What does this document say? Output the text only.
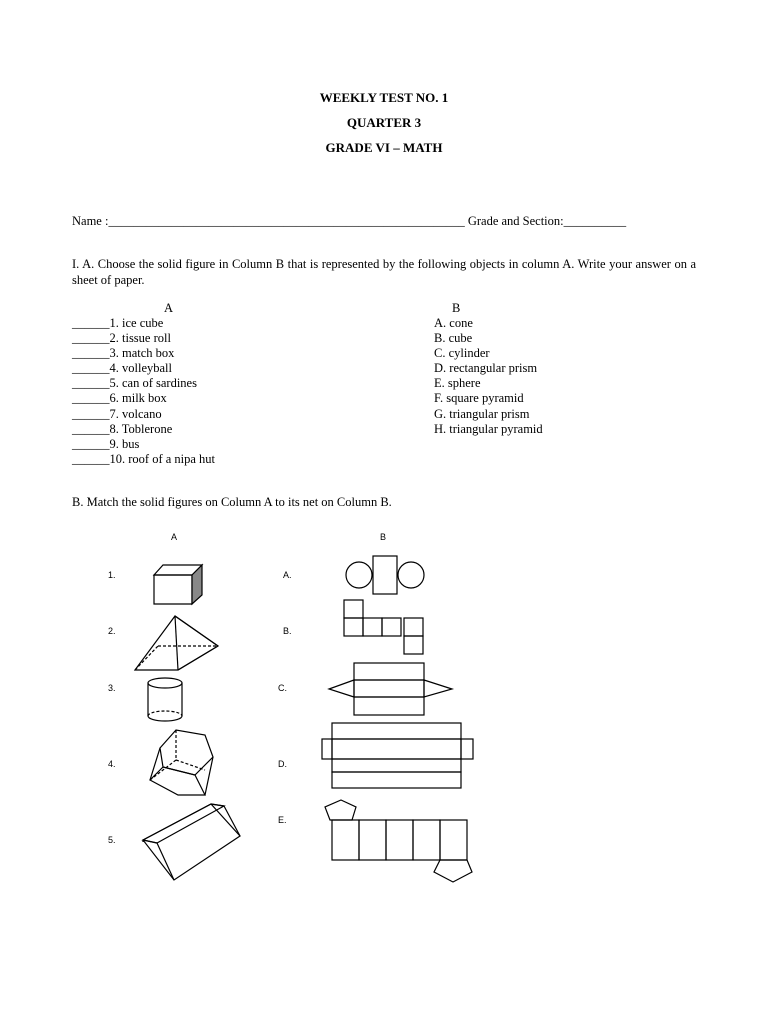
WEEKLY TEST NO. 1
QUARTER 3
GRADE VI – MATH
Name :_________________________________________________________ Grade and Section:__________
I. A. Choose the solid figure in Column B that is represented by the following objects in column A. Write your answer on a sheet of paper.
A	B
______1. ice cube
______2. tissue roll
______3. match box
______4. volleyball
______5. can of sardines
______6. milk box
______7. volcano
______8. Toblerone
______9. bus
______10. roof of a nipa hut
A. cone
B. cube
C. cylinder
D. rectangular prism
E. sphere
F. square pyramid
G. triangular prism
H. triangular pyramid
B. Match the solid figures on Column A to its net on Column B.
A	B
1.
2.
3.
4.
5.
A.
B.
C.
D.
E.
